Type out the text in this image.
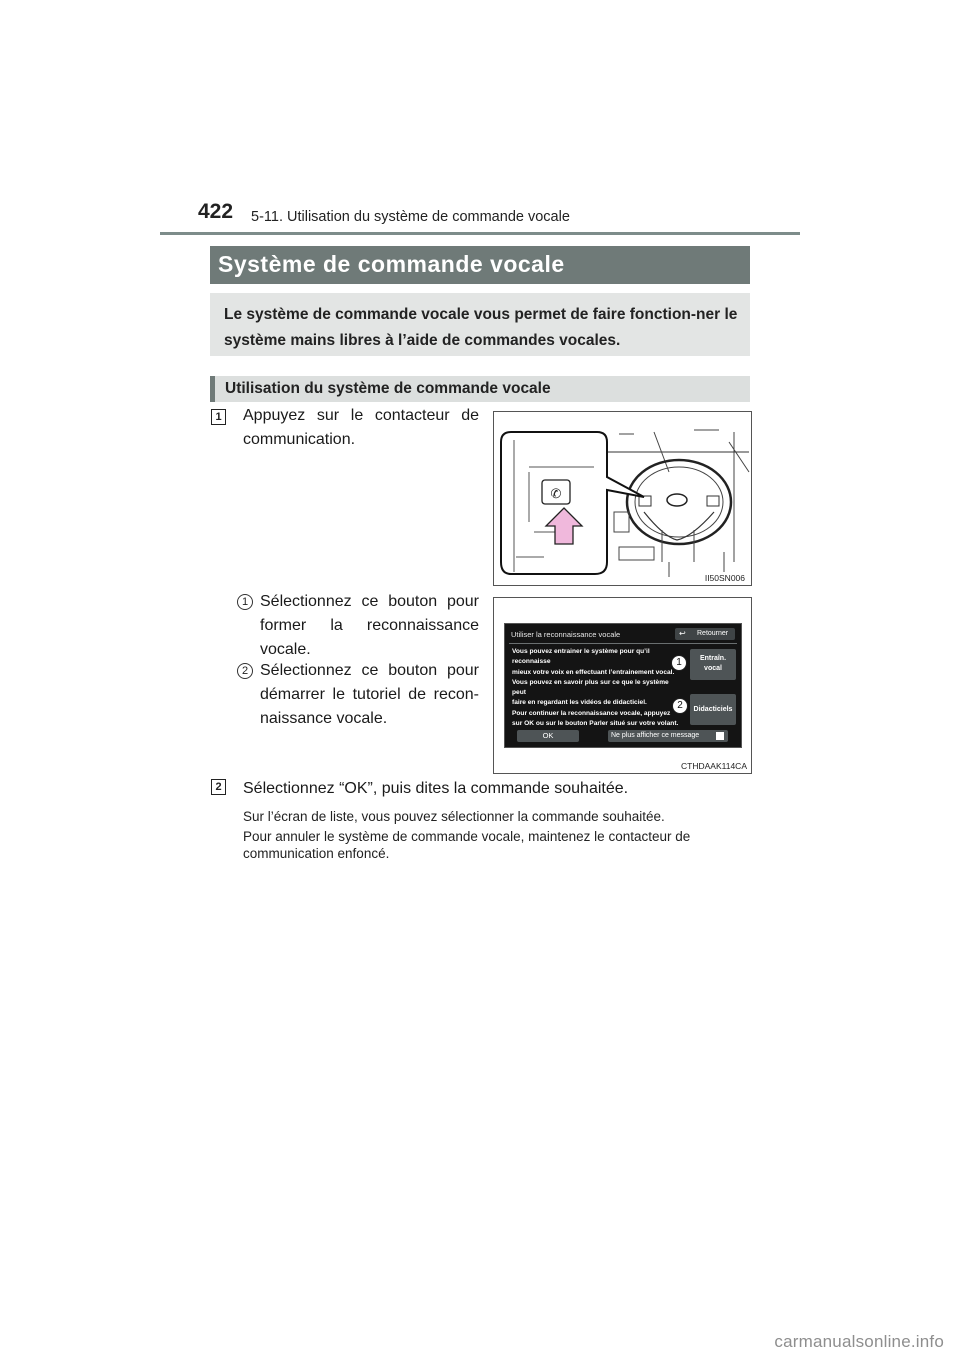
422 5-11. Utilisation du système de commande vocale
Système de commande vocale
Le système de commande vocale vous permet de faire fonction-ner le système mains libres à l’aide de commandes vocales.
Utilisation du système de commande vocale
1 Appuyez sur le contacteur de communication.
1 Sélectionnez ce bouton pour former la reconnaissance vocale.
2 Sélectionnez ce bouton pour démarrer le tutoriel de recon-naissance vocale.
2 Sélectionnez “OK”, puis dites la commande souhaitée.
Sur l’écran de liste, vous pouvez sélectionner la commande souhaitée.
Pour annuler le système de commande vocale, maintenez le contacteur de communication enfoncé.
✆
II50SN006
Utiliser la reconnaissance vocale	↩ Retourner
Vous pouvez entrainer le système pour qu’il reconnaisse
mieux votre voix en effectuant l’entrainement vocal.
Vous pouvez en savoir plus sur ce que le système peut
faire en regardant les vidéos de didacticiel.
Pour continuer la reconnaissance vocale, appuyez
sur OK ou sur le bouton Parler situé sur votre volant.
Entraîn. vocal
Didacticiels
OK	Ne plus afficher ce message
1
2
CTHDAAK114CA
carmanualsonline.info
